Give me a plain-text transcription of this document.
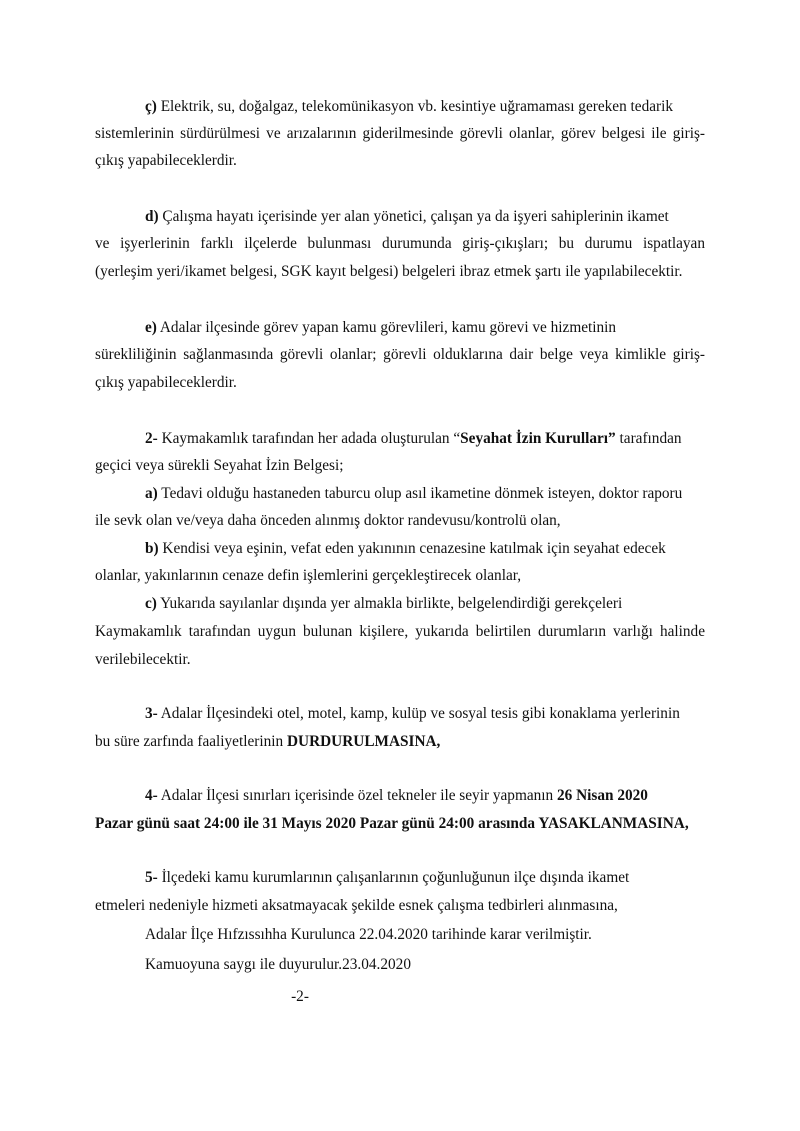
ç) Elektrik, su, doğalgaz, telekomünikasyon vb. kesintiye uğramaması gereken tedarik
sistemlerinin sürdürülmesi ve arızalarının giderilmesinde görevli olanlar, görev belgesi ile giriş-
çıkış yapabileceklerdir.
d) Çalışma hayatı içerisinde yer alan yönetici, çalışan ya da işyeri sahiplerinin ikamet
ve işyerlerinin farklı ilçelerde bulunması durumunda giriş-çıkışları; bu durumu ispatlayan
(yerleşim yeri/ikamet belgesi, SGK kayıt belgesi) belgeleri ibraz etmek şartı ile yapılabilecektir.
e) Adalar ilçesinde görev yapan kamu görevlileri, kamu görevi ve hizmetinin
sürekliliğinin sağlanmasında görevli olanlar; görevli olduklarına dair belge veya kimlikle giriş-
çıkış yapabileceklerdir.
2- Kaymakamlık tarafından her adada oluşturulan “Seyahat İzin Kurulları” tarafından
geçici veya sürekli Seyahat İzin Belgesi;
a) Tedavi olduğu hastaneden taburcu olup asıl ikametine dönmek isteyen, doktor raporu
ile sevk olan ve/veya daha önceden alınmış doktor randevusu/kontrolü olan,
b) Kendisi veya eşinin, vefat eden yakınının cenazesine katılmak için seyahat edecek
olanlar, yakınlarının cenaze defin işlemlerini gerçekleştirecek olanlar,
c) Yukarıda sayılanlar dışında yer almakla birlikte, belgelendirdiği gerekçeleri
Kaymakamlık tarafından uygun bulunan kişilere, yukarıda belirtilen durumların varlığı halinde
verilebilecektir.
3- Adalar İlçesindeki otel, motel, kamp, kulüp ve sosyal tesis gibi konaklama yerlerinin
bu süre zarfında faaliyetlerinin DURDURULMASINA,
4- Adalar İlçesi sınırları içerisinde özel tekneler ile seyir yapmanın 26 Nisan 2020
Pazar günü saat 24:00 ile 31 Mayıs 2020 Pazar günü 24:00 arasında YASAKLANMASINA,
5- İlçedeki kamu kurumlarının çalışanlarının çoğunluğunun ilçe dışında ikamet
etmeleri nedeniyle hizmeti aksatmayacak şekilde esnek çalışma tedbirleri alınmasına,
Adalar İlçe Hıfzıssıhha Kurulunca 22.04.2020 tarihinde karar verilmiştir.
Kamuoyuna saygı ile duyurulur.23.04.2020
-2-
